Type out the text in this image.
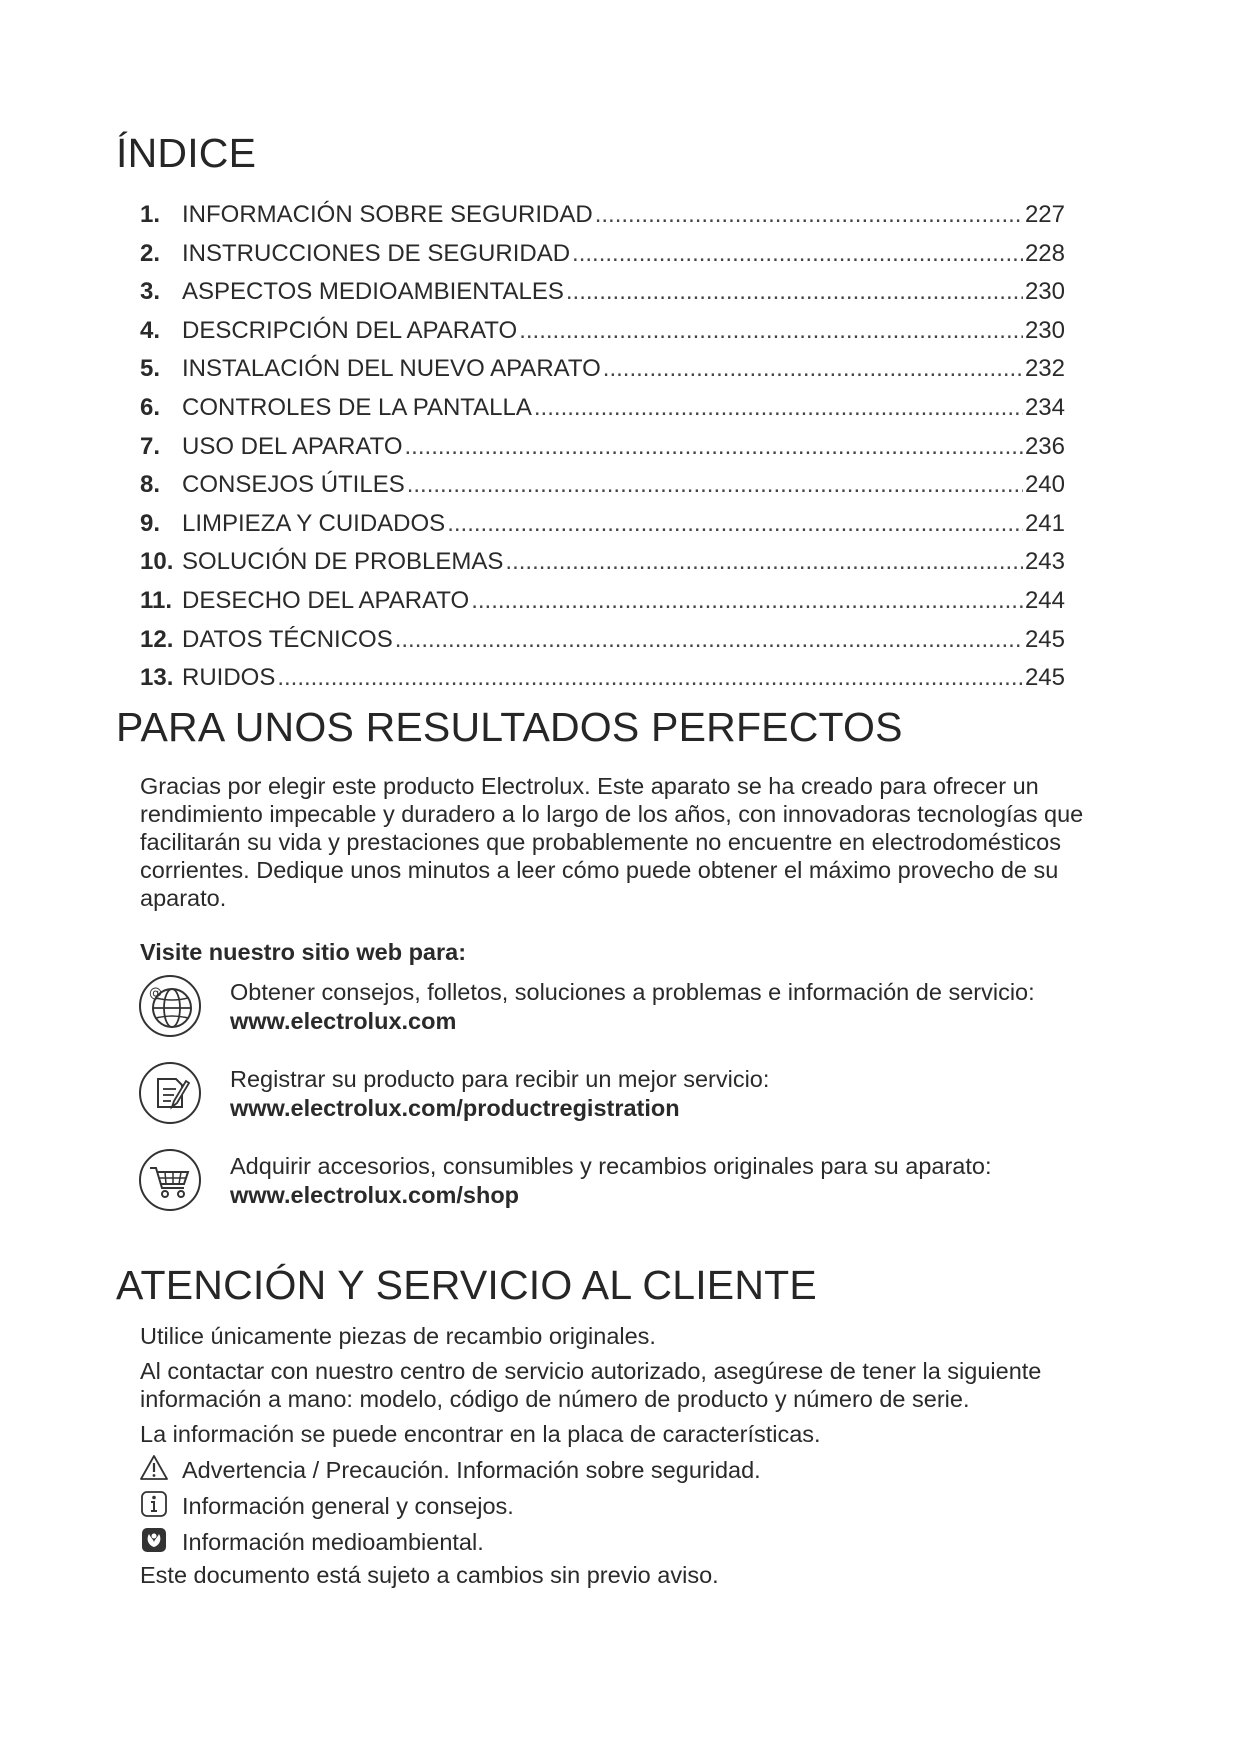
ÍNDICE
1. INFORMACIÓN SOBRE SEGURIDAD .....	227
2. INSTRUCCIONES DE SEGURIDAD .....	228
3. ASPECTOS MEDIOAMBIENTALES .....	230
4. DESCRIPCIÓN DEL APARATO .....	230
5. INSTALACIÓN DEL NUEVO APARATO .....	232
6. CONTROLES DE LA PANTALLA .....	234
7. USO DEL APARATO .....	236
8. CONSEJOS ÚTILES .....	240
9. LIMPIEZA Y CUIDADOS .....	241
10. SOLUCIÓN DE PROBLEMAS .....	243
11. DESECHO DEL APARATO .....	244
12. DATOS TÉCNICOS .....	245
13. RUIDOS .....	245
PARA UNOS RESULTADOS PERFECTOS

Gracias por elegir este producto Electrolux. Este aparato se ha creado para ofrecer un rendimiento impecable y duradero a lo largo de los años, con innovadoras tecnologías que facilitarán su vida y prestaciones que probablemente no encuentre en electrodomésticos corrientes. Dedique unos minutos a leer cómo puede obtener el máximo provecho de su aparato.

Visite nuestro sitio web para:

@	Obtener consejos, folletos, soluciones a problemas e información de servicio:
www.electrolux.com
Registrar su producto para recibir un mejor servicio:
www.electrolux.com/productregistration
Adquirir accesorios, consumibles y recambios originales para su aparato:
www.electrolux.com/shop
ATENCIÓN Y SERVICIO AL CLIENTE

Utilice únicamente piezas de recambio originales.

Al contactar con nuestro centro de servicio autorizado, asegúrese de tener la siguiente información a mano: modelo, código de número de producto y número de serie.

La información se puede encontrar en la placa de características.

Advertencia / Precaución. Información sobre seguridad.
Información general y consejos.
Información medioambiental.

Este documento está sujeto a cambios sin previo aviso.
